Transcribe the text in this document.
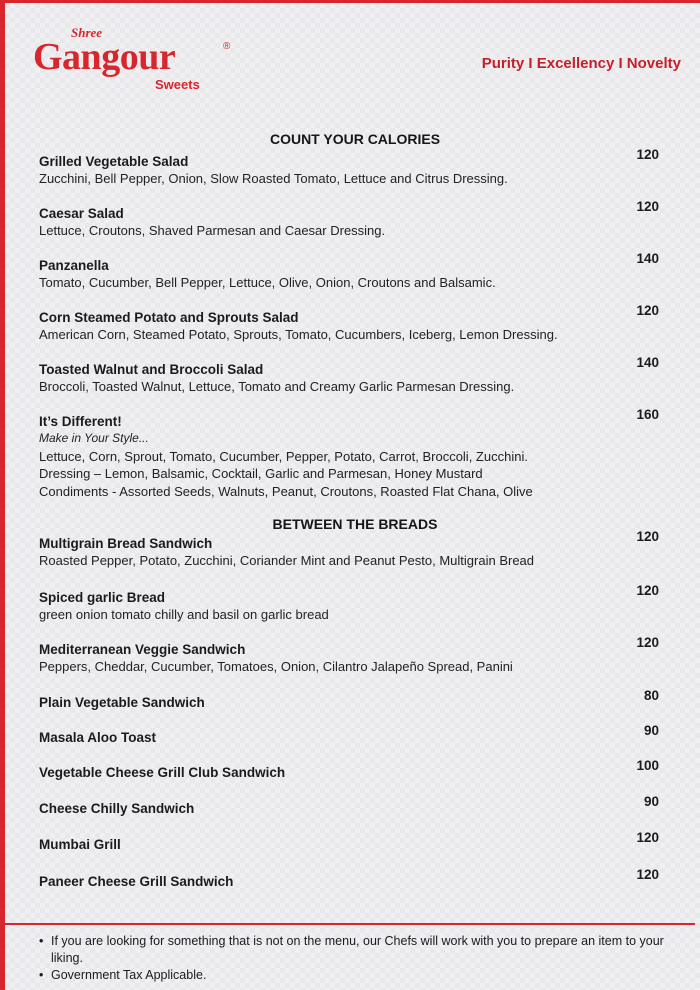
Shree
Gangour	®
Sweets
Purity I Excellency I Novelty
COUNT YOUR CALORIES
Grilled Vegetable Salad
Zucchini, Bell Pepper, Onion, Slow Roasted Tomato, Lettuce and Citrus Dressing.
120
Caesar Salad
Lettuce, Croutons, Shaved Parmesan and Caesar Dressing.
120
Panzanella
Tomato, Cucumber, Bell Pepper, Lettuce, Olive, Onion, Croutons and Balsamic.
140
Corn Steamed Potato and Sprouts Salad
American Corn, Steamed Potato, Sprouts, Tomato, Cucumbers, Iceberg, Lemon Dressing.
120
Toasted Walnut and Broccoli Salad
Broccoli, Toasted Walnut, Lettuce, Tomato and Creamy Garlic Parmesan Dressing.
140
It’s Different!
Make in Your Style...
Lettuce, Corn, Sprout, Tomato, Cucumber, Pepper, Potato, Carrot, Broccoli, Zucchini.
Dressing – Lemon, Balsamic, Cocktail, Garlic and Parmesan, Honey Mustard
Condiments - Assorted Seeds, Walnuts, Peanut, Croutons, Roasted Flat Chana, Olive
160
BETWEEN THE BREADS
Multigrain Bread Sandwich
Roasted Pepper, Potato, Zucchini, Coriander Mint and Peanut Pesto, Multigrain Bread
120
Spiced garlic Bread
green onion tomato chilly and basil on garlic bread
120
Mediterranean Veggie Sandwich
Peppers, Cheddar, Cucumber, Tomatoes, Onion, Cilantro Jalapeño Spread, Panini
120
Plain Vegetable Sandwich	80
Masala Aloo Toast	90
Vegetable Cheese Grill Club Sandwich	100
Cheese Chilly Sandwich	90
Mumbai Grill	120
Paneer Cheese Grill Sandwich	120
• If you are looking for something that is not on the menu, our Chefs will work with you to prepare an item to your liking.
• Government Tax Applicable.
